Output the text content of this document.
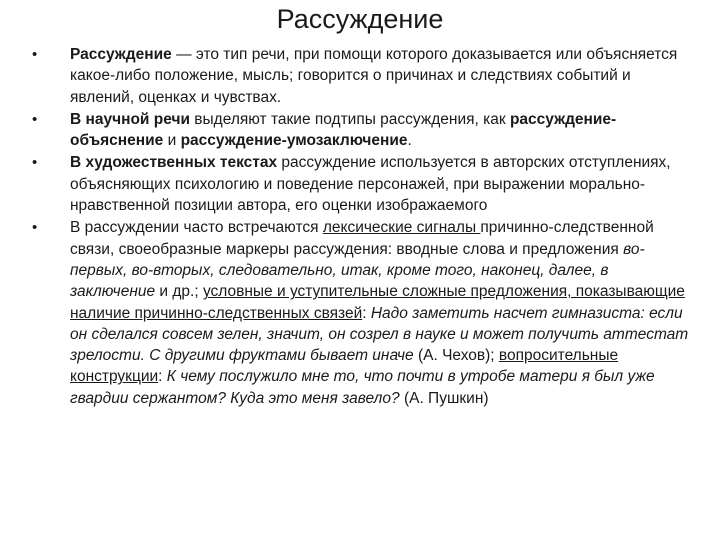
Рассуждение
• Рассуждение — это тип речи, при помощи которого доказывается или объясняется какое-либо положение, мысль; говорится о причинах и следствиях событий и явлений, оценках и чувствах.
• В научной речи выделяют такие подтипы рассуждения, как рассуждение-объяснение и рассуждение-умозаключение.
• В художественных текстах рассуждение используется в авторских отступлениях, объясняющих психологию и поведение персонажей, при выражении морально-нравственной позиции автора, его оценки изображаемого
• В рассуждении часто встречаются лексические сигналы причинно-следственной связи, своеобразные маркеры рассуждения: вводные слова и предложения во-первых, во-вторых, следовательно, итак, кроме того, наконец, далее, в заключение и др.; условные и уступительные сложные предложения, показывающие наличие причинно-следственных связей: Надо заметить насчет гимназиста: если он сделался совсем зелен, значит, он созрел в науке и может получить аттестат зрелости. С другими фруктами бывает иначе (А. Чехов); вопросительные конструкции: К чему послужило мне то, что почти в утробе матери я был уже гвардии сержантом? Куда это меня завело? (А. Пушкин)
